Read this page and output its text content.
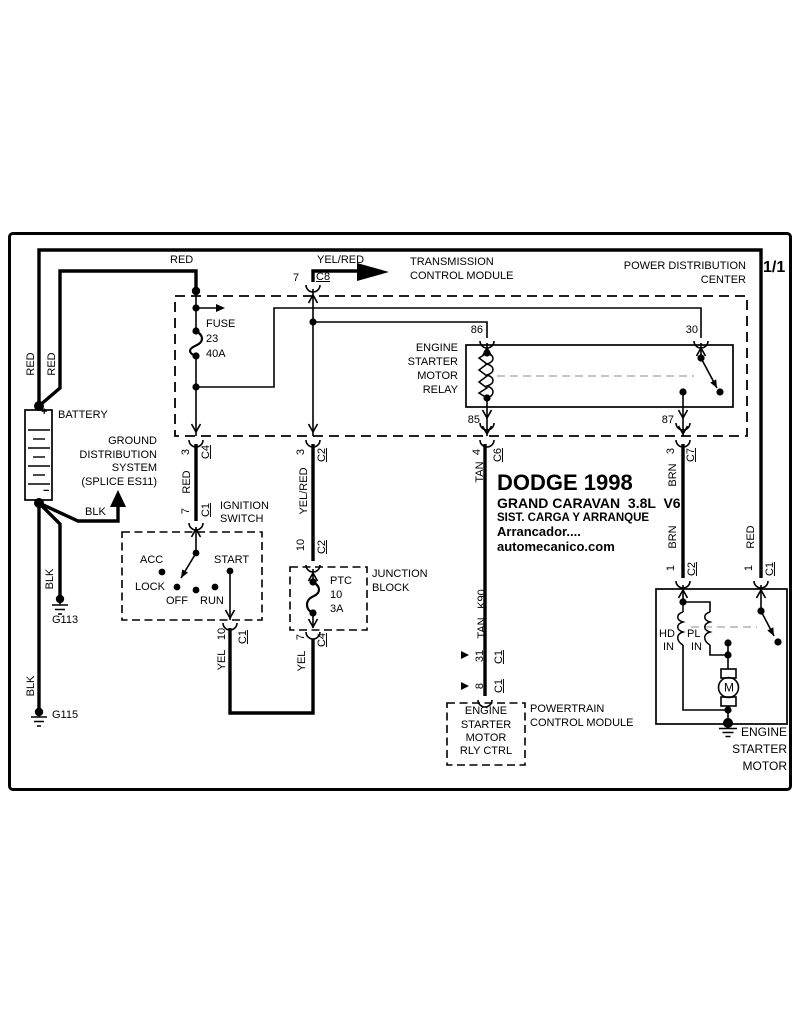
1/1
RED	YEL/RED	TRANSMISSION
CONTROL MODULE
POWER DISTRIBUTION
CENTER
7 C8
FUSE
23
40A
BATTERY
+
−
RED RED
GROUND
DISTRIBUTION
SYSTEM
(SPLICE ES11)
BLK
BLK
G113
BLK
G115
ENGINE
STARTER
MOTOR
RELAY
86	30
85	87
3 C4
RED
7 C1 IGNITION
SWITCH
ACC
LOCK
OFF RUN
START
10 C1
YEL
3 C2
YEL/RED
10 C2
JUNCTION
BLOCK
PTC
10
3A
7 C4
YEL
DODGE 1998
GRAND CARAVAN  3.8L  V6
SIST. CARGA Y ARRANQUE
Arrancador....
automecanico.com
4 C6
TAN
K90
TAN
31 C1
8 C1
ENGINE
STARTER
MOTOR
RLY CTRL
POWERTRAIN
CONTROL MODULE
3 C7
BRN
BRN
1 C2
RED
1 C1
HD PL
IN IN
M
ENGINE
STARTER
MOTOR
